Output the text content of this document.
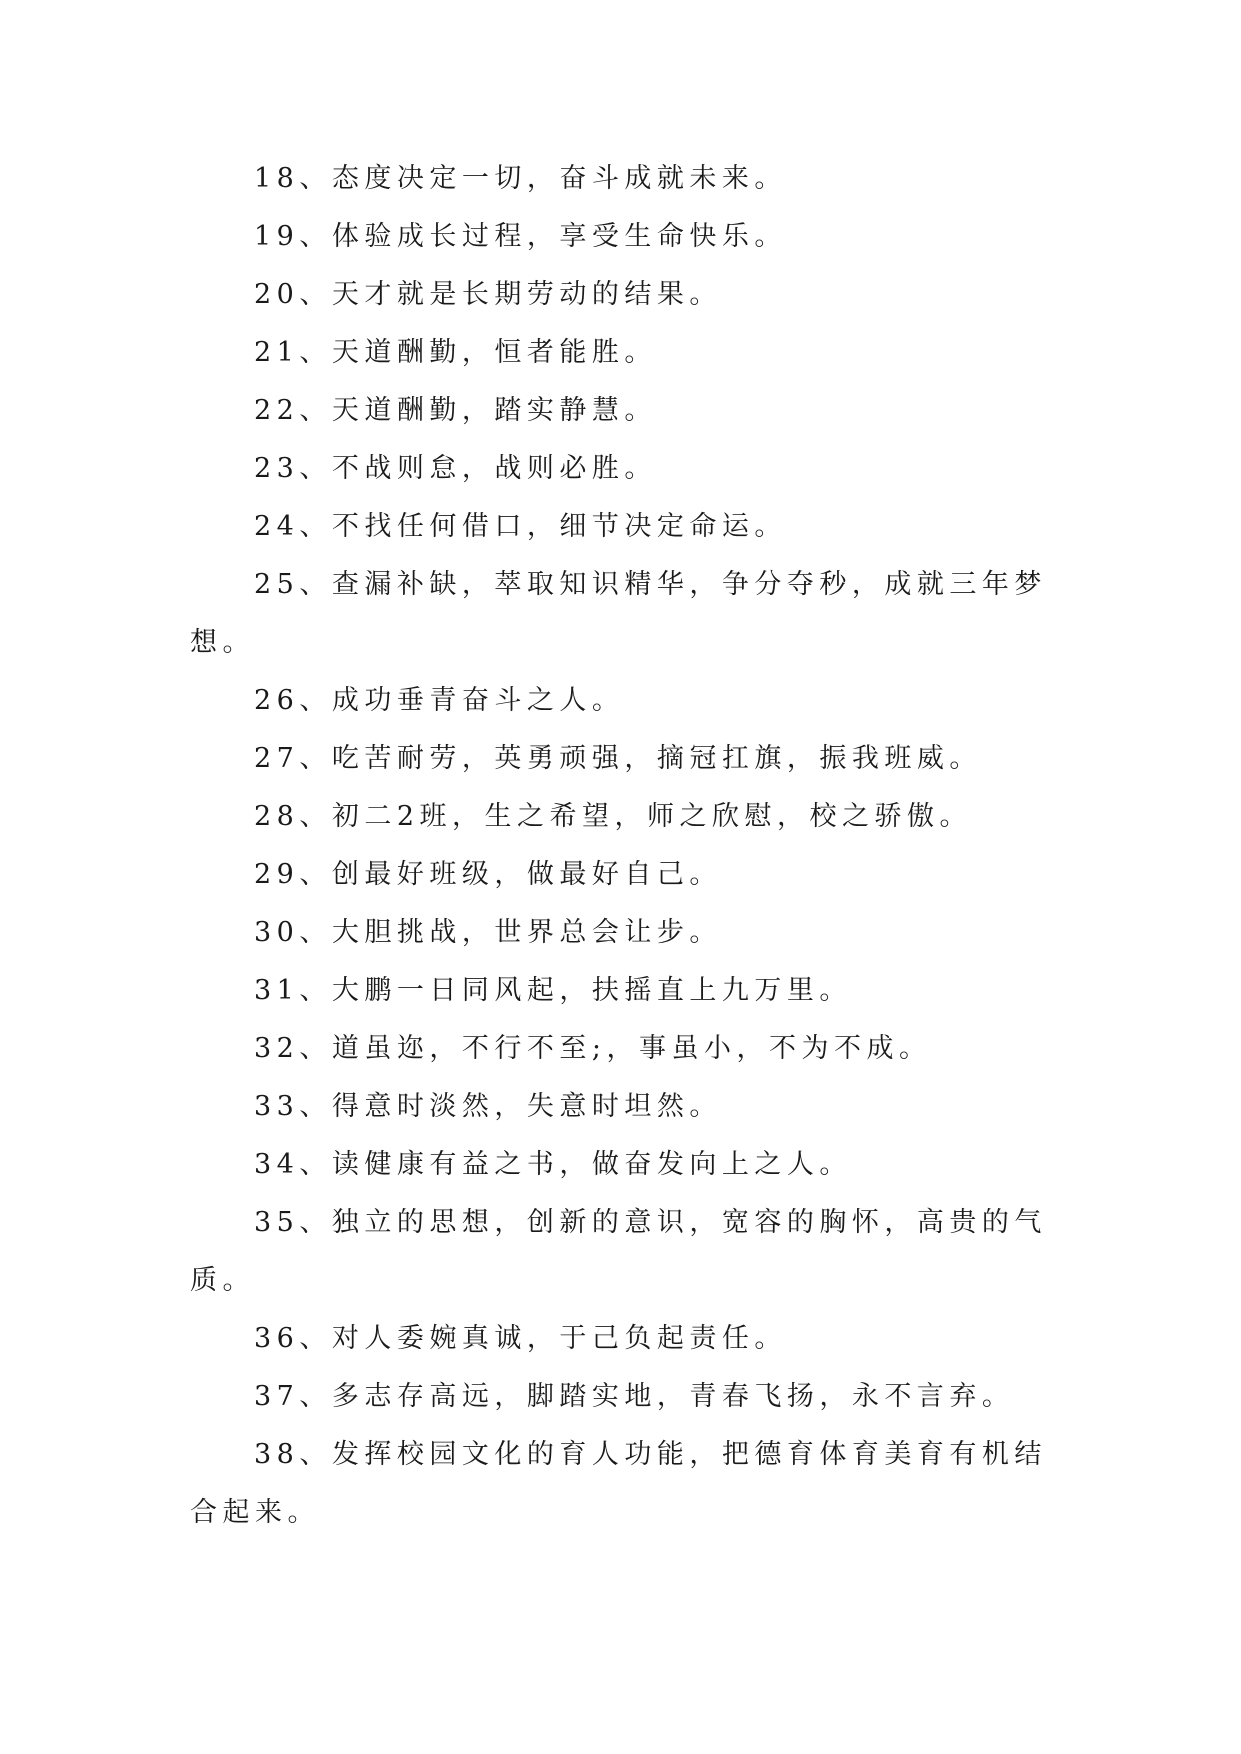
18、态度决定一切，奋斗成就未来。

19、体验成长过程，享受生命快乐。

20、天才就是长期劳动的结果。

21、天道酬勤，恒者能胜。

22、天道酬勤，踏实静慧。

23、不战则怠，战则必胜。

24、不找任何借口，细节决定命运。

25、查漏补缺，萃取知识精华，争分夺秒，成就三年梦想。

26、成功垂青奋斗之人。

27、吃苦耐劳，英勇顽强，摘冠扛旗，振我班威。

28、初二2班，生之希望，师之欣慰，校之骄傲。

29、创最好班级，做最好自己。

30、大胆挑战，世界总会让步。

31、大鹏一日同风起，扶摇直上九万里。

32、道虽迩，不行不至;，事虽小，不为不成。

33、得意时淡然，失意时坦然。

34、读健康有益之书，做奋发向上之人。

35、独立的思想，创新的意识，宽容的胸怀，高贵的气质。

36、对人委婉真诚，于己负起责任。

37、多志存高远，脚踏实地，青春飞扬，永不言弃。

38、发挥校园文化的育人功能，把德育体育美育有机结合起来。
